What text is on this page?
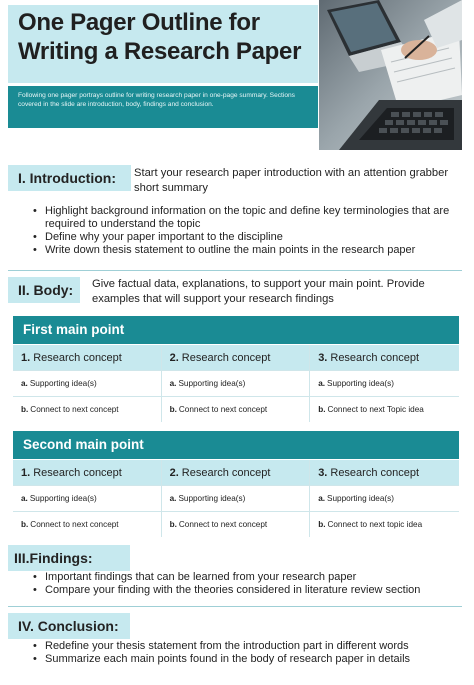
One Pager Outline for
Writing a Research Paper
Following one pager portrays outline for writing research paper in one-page summary. Sections covered in the slide are introduction, body, findings and conclusion.
I. Introduction:	Start your research paper introduction with an attention grabber short summary
• Highlight background information on the topic and define key terminologies that are required to understand the topic
• Define why your paper important to the discipline
• Write down thesis statement to outline the main points in the research paper
II. Body:	Give factual data, explanations, to support your main point. Provide examples that will support your research findings
First main point
1. Research concept	2. Research concept	3. Research concept
a. Supporting idea(s)	a. Supporting idea(s)	a. Supporting idea(s)
b. Connect to next concept	b. Connect to next concept	b. Connect to next Topic idea
Second main point
1. Research concept	2. Research concept	3. Research concept
a. Supporting idea(s)	a. Supporting idea(s)	a. Supporting idea(s)
b. Connect to next concept	b. Connect to next concept	b. Connect to next topic idea
III.Findings:
• Important findings that can be learned from your research paper
• Compare your finding with the theories considered in literature review section
IV. Conclusion:
• Redefine your thesis statement from the introduction part in different words
• Summarize each main points found in the body of research paper in details
